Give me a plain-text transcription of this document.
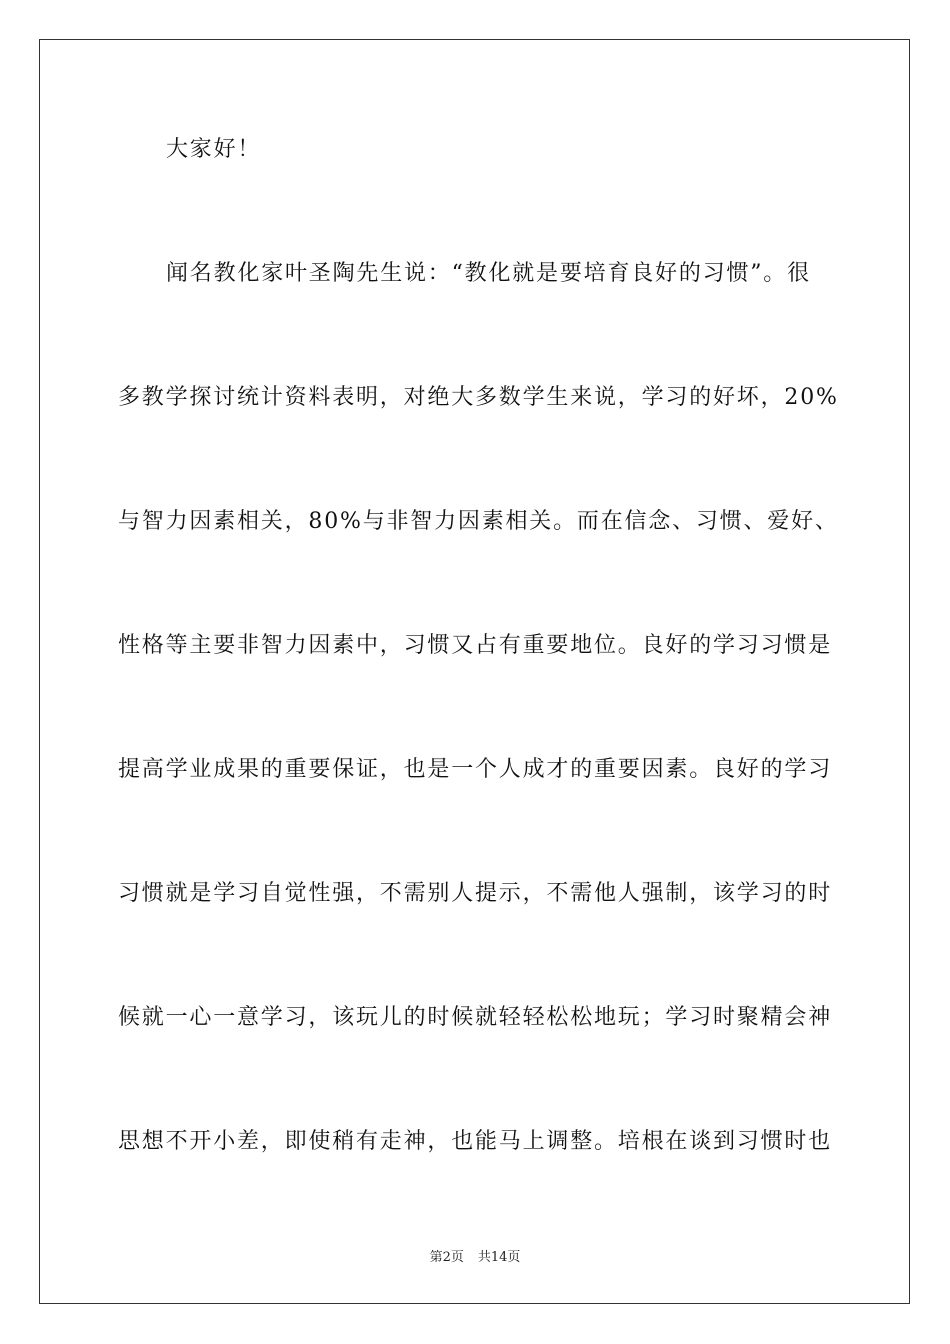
大家好！
闻名教化家叶圣陶先生说：“教化就是要培育良好的习惯”。很
多教学探讨统计资料表明，对绝大多数学生来说，学习的好坏，20%
与智力因素相关，80%与非智力因素相关。而在信念、习惯、爱好、
性格等主要非智力因素中，习惯又占有重要地位。良好的学习习惯是
提高学业成果的重要保证，也是一个人成才的重要因素。良好的学习
习惯就是学习自觉性强，不需别人提示，不需他人强制，该学习的时
候就一心一意学习，该玩儿的时候就轻轻松松地玩；学习时聚精会神
思想不开小差，即使稍有走神，也能马上调整。培根在谈到习惯时也
第2页 共14页
